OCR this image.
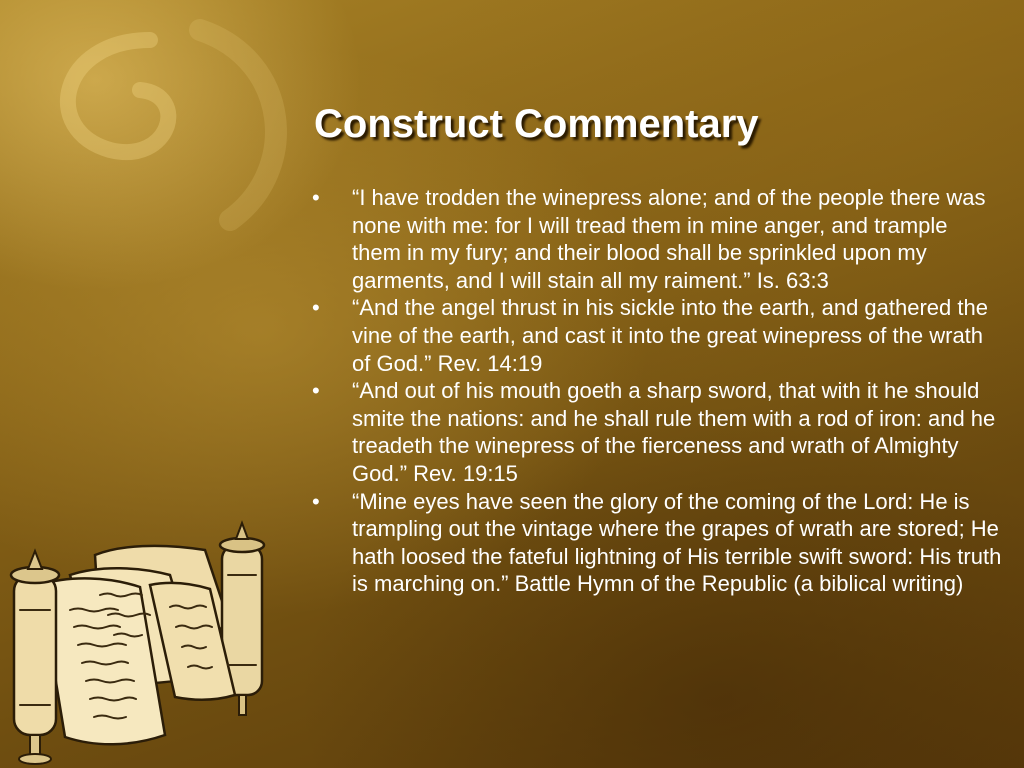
Construct Commentary
•	“I have trodden the winepress alone; and of the people there was none with me: for I will tread them in mine anger, and trample them in my fury; and their blood shall be sprinkled upon my garments, and I will stain all my raiment.” Is. 63:3
•	“And the angel thrust in his sickle into the earth, and gathered the vine of the earth, and cast it into the great winepress of the wrath of God.” Rev. 14:19
•	“And out of his mouth goeth a sharp sword, that with it he should smite the nations: and he shall rule them with a rod of iron: and he treadeth the winepress of the fierceness and wrath of Almighty God.” Rev. 19:15
•	“Mine eyes have seen the glory of the coming of the Lord: He is trampling out the vintage where the grapes of wrath are stored; He hath loosed the fateful lightning of His terrible swift sword: His truth is marching on.” Battle Hymn of the Republic (a biblical writing)
